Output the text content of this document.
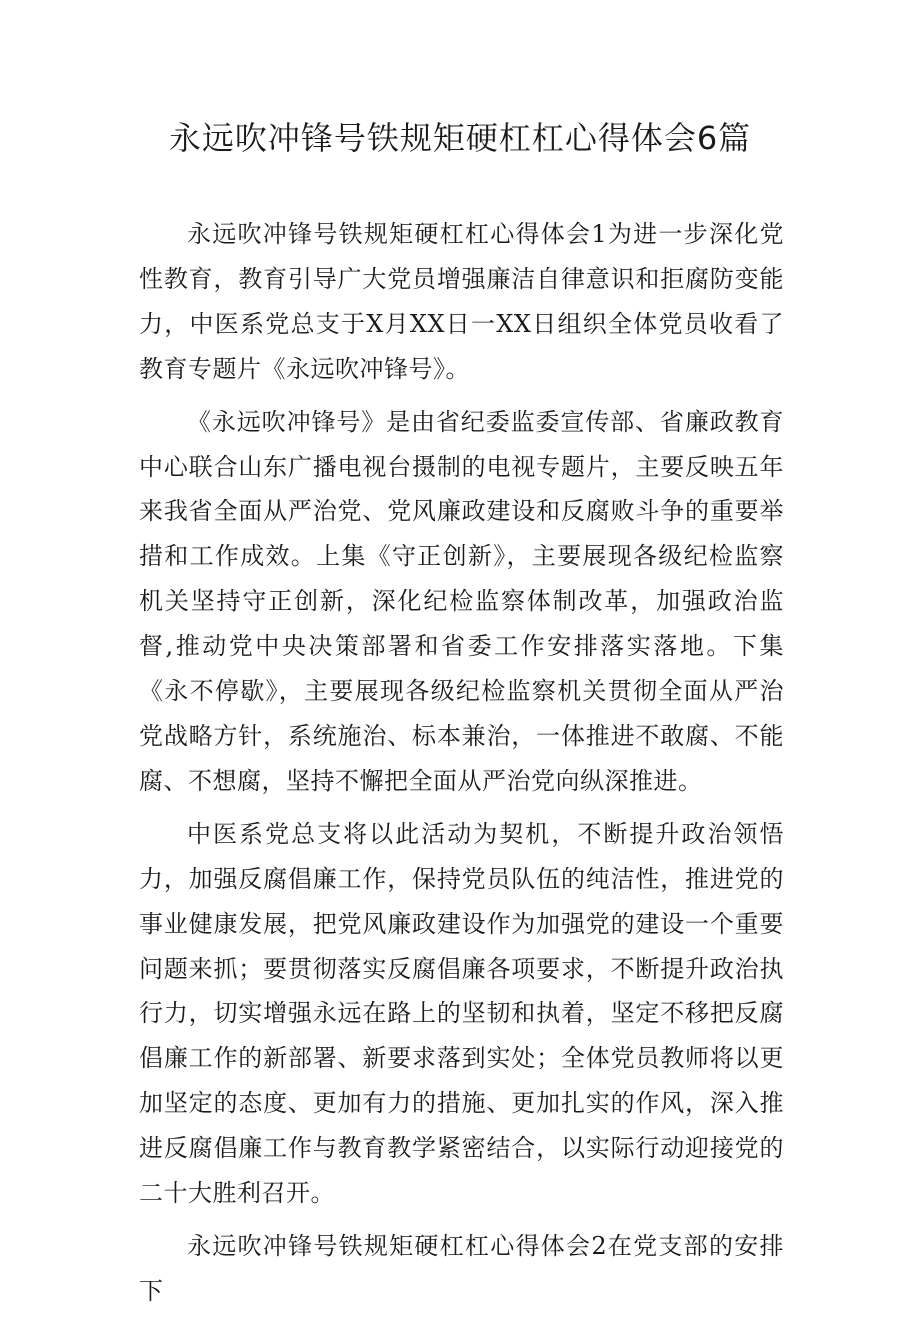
永远吹冲锋号铁规矩硬杠杠心得体会6篇

永远吹冲锋号铁规矩硬杠杠心得体会1为进一步深化党性教育，教育引导广大党员增强廉洁自律意识和拒腐防变能力，中医系党总支于X月XX日一XX日组织全体党员收看了教育专题片《永远吹冲锋号》。

《永远吹冲锋号》是由省纪委监委宣传部、省廉政教育中心联合山东广播电视台摄制的电视专题片，主要反映五年来我省全面从严治党、党风廉政建设和反腐败斗争的重要举措和工作成效。上集《守正创新》，主要展现各级纪检监察机关坚持守正创新，深化纪检监察体制改革，加强政治监督,推动党中央决策部署和省委工作安排落实落地。下集《永不停歇》，主要展现各级纪检监察机关贯彻全面从严治党战略方针，系统施治、标本兼治，一体推进不敢腐、不能腐、不想腐，坚持不懈把全面从严治党向纵深推进。

中医系党总支将以此活动为契机，不断提升政治领悟力，加强反腐倡廉工作，保持党员队伍的纯洁性，推进党的事业健康发展，把党风廉政建设作为加强党的建设一个重要问题来抓；要贯彻落实反腐倡廉各项要求，不断提升政治执行力，切实增强永远在路上的坚韧和执着，坚定不移把反腐倡廉工作的新部署、新要求落到实处；全体党员教师将以更加坚定的态度、更加有力的措施、更加扎实的作风，深入推进反腐倡廉工作与教育教学紧密结合，以实际行动迎接党的二十大胜利召开。

永远吹冲锋号铁规矩硬杠杠心得体会2在党支部的安排下
